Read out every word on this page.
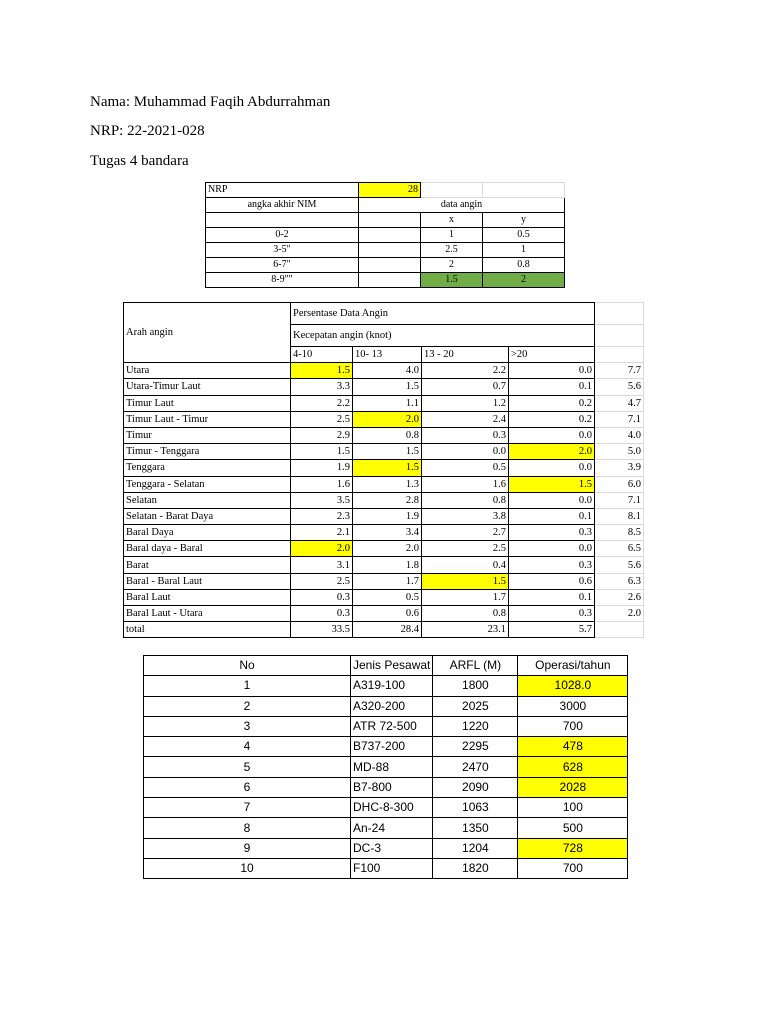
Nama: Muhammad Faqih Abdurrahman
NRP: 22-2021-028
Tugas 4 bandara
NRP	28		
angka akhir NIM	data angin		
		x	y
0-2		1	0.5
3-5"		2.5	1
6-7"		2	0.8
8-9""		1.5	2
Arah angin	Persentase Data Angin				
	Kecepatan angin (knot)				
	4-10	10- 13	13 - 20	>20	
Utara	1.5	4.0	2.2	0.0	7.7
Utara-Timur Laut	3.3	1.5	0.7	0.1	5.6
Timur Laut	2.2	1.1	1.2	0.2	4.7
Timur Laut - Timur	2.5	2.0	2.4	0.2	7.1
Timur	2.9	0.8	0.3	0.0	4.0
Timur - Tenggara	1.5	1.5	0.0	2.0	5.0
Tenggara	1.9	1.5	0.5	0.0	3.9
Tenggara - Selatan	1.6	1.3	1.6	1.5	6.0
Selatan	3.5	2.8	0.8	0.0	7.1
Selatan - Barat Daya	2.3	1.9	3.8	0.1	8.1
Baral Daya	2.1	3.4	2.7	0.3	8.5
Baral daya - Baral	2.0	2.0	2.5	0.0	6.5
Barat	3.1	1.8	0.4	0.3	5.6
Baral - Baral Laut	2.5	1.7	1.5	0.6	6.3
Baral Laut	0.3	0.5	1.7	0.1	2.6
Baral Laut - Utara	0.3	0.6	0.8	0.3	2.0
total	33.5	28.4	23.1	5.7	
No	Jenis Pesawat	ARFL (M)	Operasi/tahun
1	A319-100	1800	1028.0
2	A320-200	2025	3000
3	ATR 72-500	1220	700
4	B737-200	2295	478
5	MD-88	2470	628
6	B7-800	2090	2028
7	DHC-8-300	1063	100
8	An-24	1350	500
9	DC-3	1204	728
10	F100	1820	700
